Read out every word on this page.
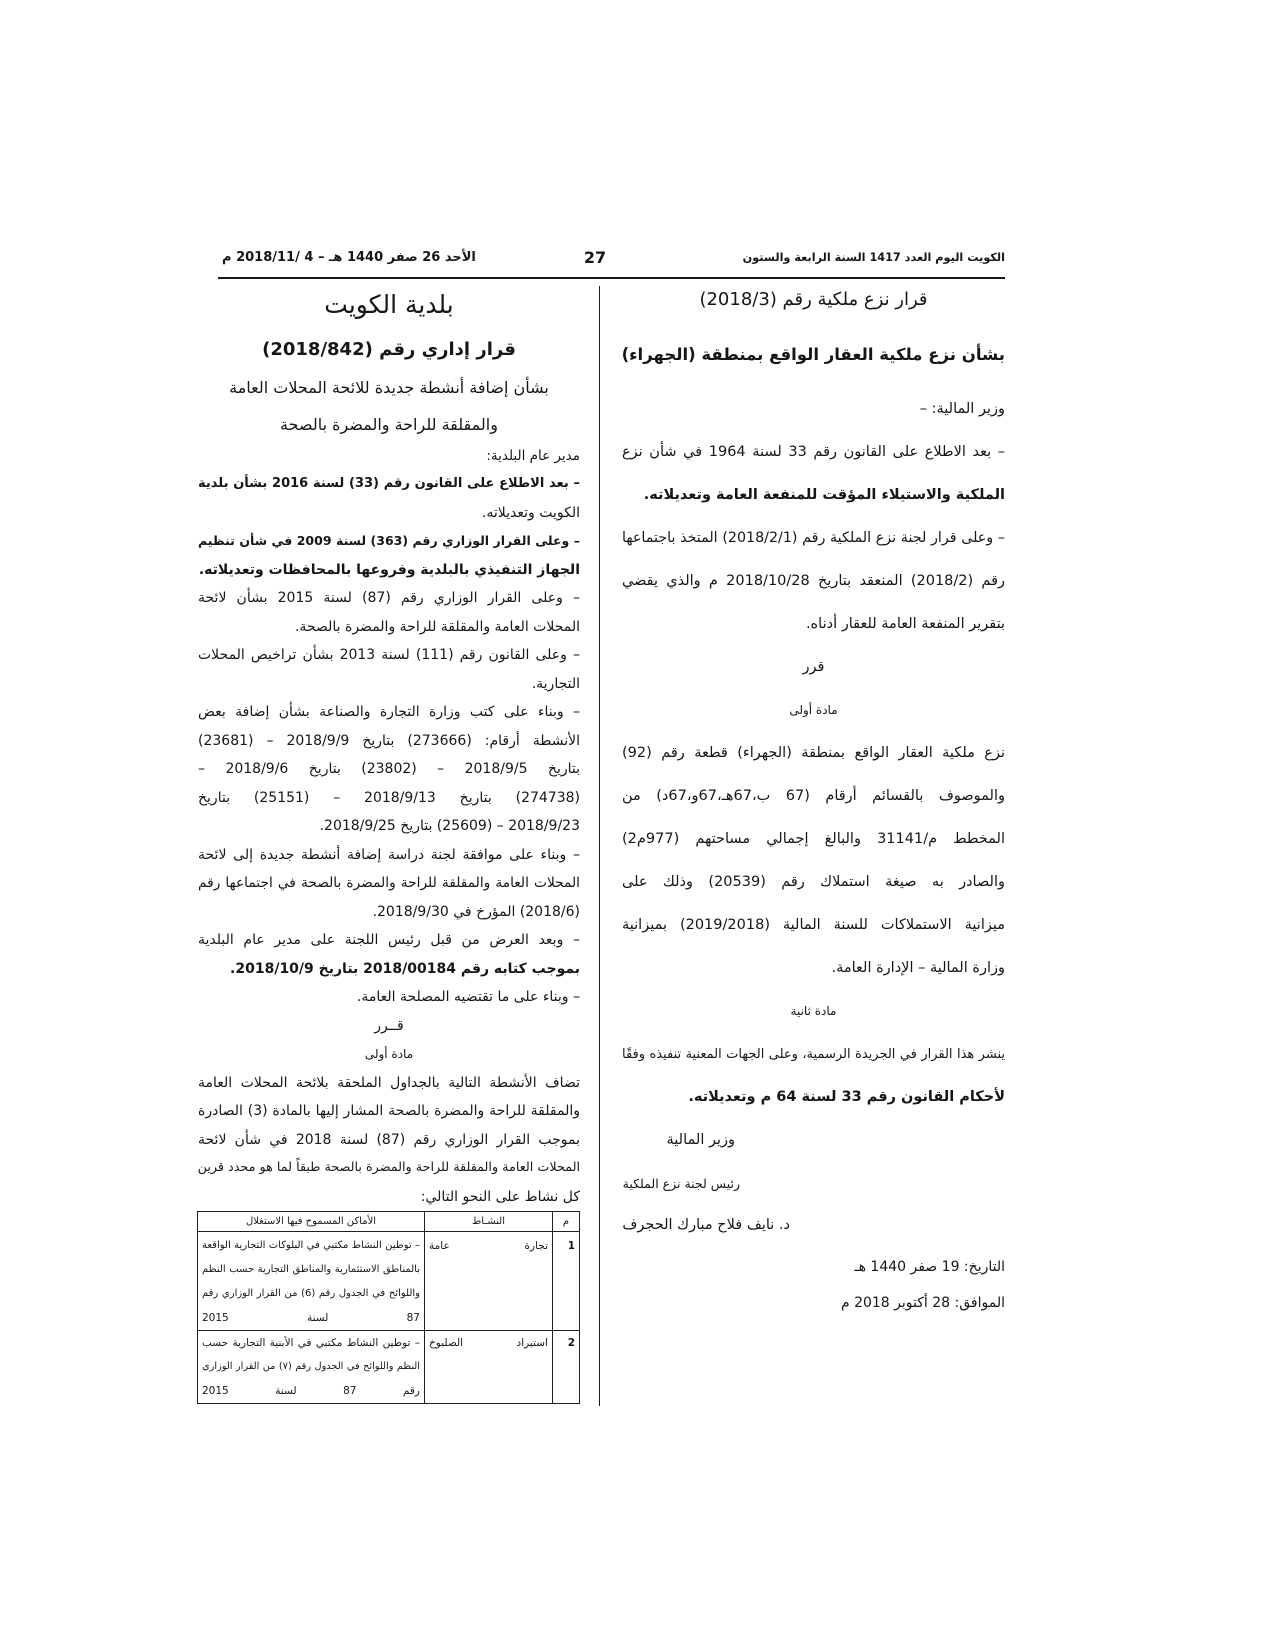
الكويت اليوم العدد 1417 السنة الرابعة والستون
27
الأحد 26 صفر 1440 هـ – 4 /2018/11 م
قرار نزع ملكية رقم (2018/3)
بشأن نزع ملكية العقار الواقع بمنطقة (الجهراء)
وزير المالية: –
– بعد الاطلاع على القانون رقم 33 لسنة 1964 في شأن نزع
الملكية والاستيلاء المؤقت للمنفعة العامة وتعديلاته.
– وعلى قرار لجنة نزع الملكية رقم (2018/2/1) المتخذ باجتماعها
رقم (2018/2) المنعقد بتاريخ 2018/10/28 م والذي يقضي
بتقرير المنفعة العامة للعقار أدناه.
قرر
مادة أولى
نزع ملكية العقار الواقع بمنطقة (الجهراء) قطعة رقم (92)
والموصوف بالقسائم أرقام (67 ب،67هـ،67و،67د) من
المخطط م/31141 والبالغ إجمالي مساحتهم (977م2)
والصادر به صيغة استملاك رقم (20539) وذلك على
ميزانية الاستملاكات للسنة المالية (2019/2018) بميزانية
وزارة المالية – الإدارة العامة.
مادة ثانية
ينشر هذا القرار في الجريدة الرسمية، وعلى الجهات المعنية تنفيذه وفقًا
لأحكام القانون رقم 33 لسنة 64 م وتعديلاته.
وزير المالية
رئيس لجنة نزع الملكية
د. نايف فلاح مبارك الحجرف
التاريخ: 19 صفر 1440 هـ
الموافق: 28 أكتوبر 2018 م
بلدية الكويت
قرار إداري رقم (2018/842)
بشأن إضافة أنشطة جديدة للائحة المحلات العامة
والمقلقة للراحة والمضرة بالصحة
مدير عام البلدية:
– بعد الاطلاع على القانون رقم (33) لسنة 2016 بشأن بلدية
الكويت وتعديلاته.
– وعلى القرار الوزاري رقم (363) لسنة 2009 في شأن تنظيم
الجهاز التنفيذي بالبلدية وفروعها بالمحافظات وتعديلاته.
– وعلى القرار الوزاري رقم (87) لسنة 2015 بشأن لائحة
المحلات العامة والمقلقة للراحة والمضرة بالصحة.
– وعلى القانون رقم (111) لسنة 2013 بشأن تراخيص المحلات
التجارية.
– وبناء على كتب وزارة التجارة والصناعة بشأن إضافة بعض
الأنشطة أرقام: (273666) بتاريخ 2018/9/9 – (23681)
بتاريخ 2018/9/5 – (23802) بتاريخ 2018/9/6 –
(274738) بتاريخ 2018/9/13 – (25151) بتاريخ
2018/9/23 – (25609) بتاريخ 2018/9/25.
– وبناء على موافقة لجنة دراسة إضافة أنشطة جديدة إلى لائحة
المحلات العامة والمقلقة للراحة والمضرة بالصحة في اجتماعها رقم
(2018/6) المؤرخ في 2018/9/30.
– وبعد العرض من قبل رئيس اللجنة على مدير عام البلدية
بموجب كتابه رقم 2018/00184 بتاريخ 2018/10/9.
– وبناء على ما تقتضيه المصلحة العامة.
قــرر
مادة أولى
تضاف الأنشطة التالية بالجداول الملحقة بلائحة المحلات العامة
والمقلقة للراحة والمضرة بالصحة المشار إليها بالمادة (3) الصادرة
بموجب القرار الوزاري رقم (87) لسنة 2018 في شأن لائحة
المحلات العامة والمقلقة للراحة والمضرة بالصحة طبقاً لما هو محدد قرين
كل نشاط على النحو التالي:
م	النشـاط	الأماكن المسموح فيها الاستغلال

1	تجارة عامة	– توطين النشاط مكتبي في البلوكات التجارية الواقعة
بالمناطق الاستثمارية والمناطق التجارية حسب النظم
واللوائح في الجدول رقم (6) من القرار الوزاري رقم
87 لسنة 2015

2	استيراد الصلبوخ	– توطين النشاط مكتبي في الأبنية التجارية حسب
النظم واللوائح في الجدول رقم (٧) من القرار الوزاري
رقم 87 لسنة 2015
